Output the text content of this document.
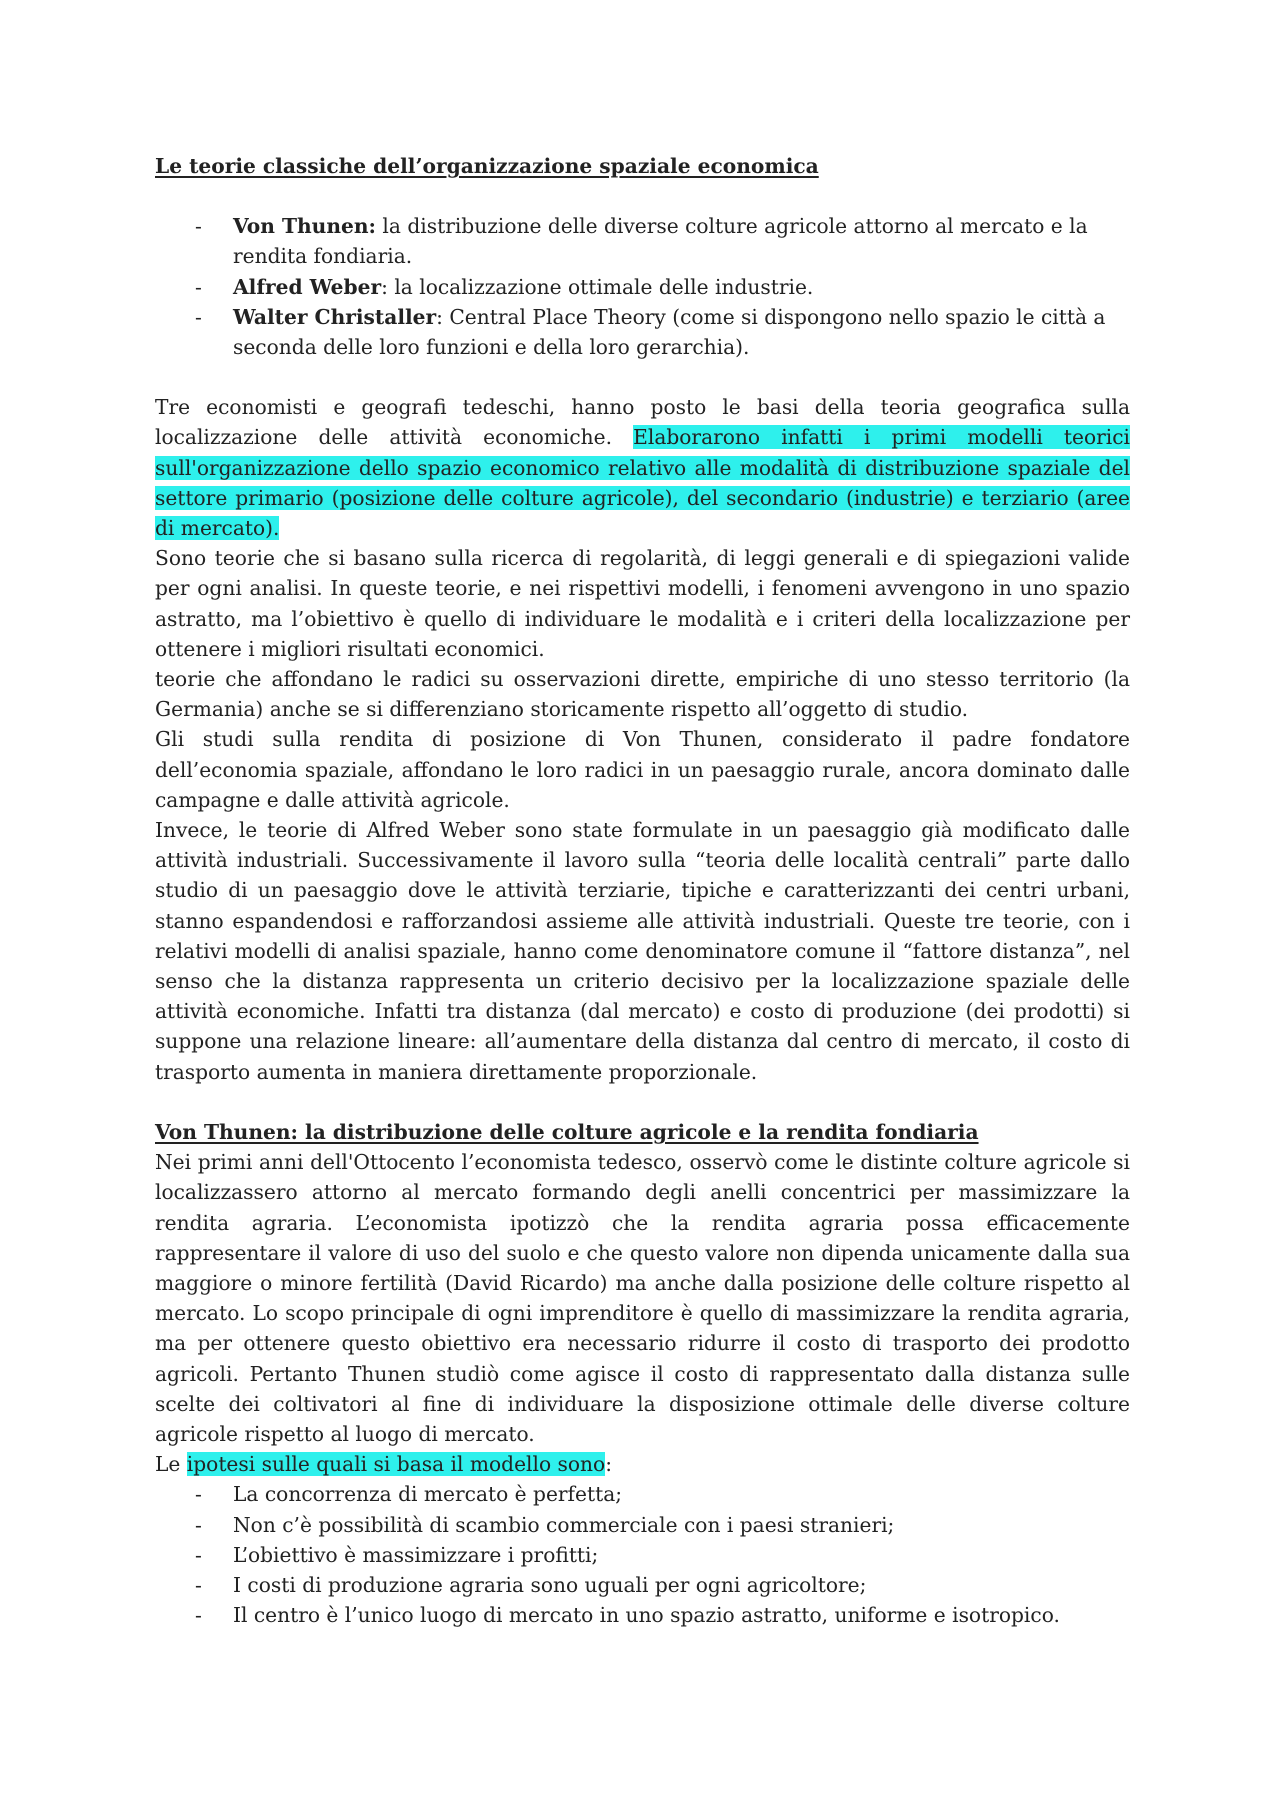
Le teorie classiche dell’organizzazione spaziale economica
- Von Thunen: la distribuzione delle diverse colture agricole attorno al mercato e la rendita fondiaria.
- Alfred Weber: la localizzazione ottimale delle industrie.
- Walter Christaller: Central Place Theory (come si dispongono nello spazio le città a seconda delle loro funzioni e della loro gerarchia).

Tre economisti e geografi tedeschi, hanno posto le basi della teoria geografica sulla localizzazione delle attività economiche. Elaborarono infatti i primi modelli teorici sull'organizzazione dello spazio economico relativo alle modalità di distribuzione spaziale del settore primario (posizione delle colture agricole), del secondario (industrie) e terziario (aree di mercato).

Sono teorie che si basano sulla ricerca di regolarità, di leggi generali e di spiegazioni valide per ogni analisi. In queste teorie, e nei rispettivi modelli, i fenomeni avvengono in uno spazio astratto, ma l’obiettivo è quello di individuare le modalità e i criteri della localizzazione per ottenere i migliori risultati economici.

teorie che affondano le radici su osservazioni dirette, empiriche di uno stesso territorio (la Germania) anche se si differenziano storicamente rispetto all’oggetto di studio.

Gli studi sulla rendita di posizione di Von Thunen, considerato il padre fondatore dell’economia spaziale, affondano le loro radici in un paesaggio rurale, ancora dominato dalle campagne e dalle attività agricole.

Invece, le teorie di Alfred Weber sono state formulate in un paesaggio già modificato dalle attività industriali. Successivamente il lavoro sulla “teoria delle località centrali” parte dallo studio di un paesaggio dove le attività terziarie, tipiche e caratterizzanti dei centri urbani, stanno espandendosi e rafforzandosi assieme alle attività industriali. Queste tre teorie, con i relativi modelli di analisi spaziale, hanno come denominatore comune il “fattore distanza”, nel senso che la distanza rappresenta un criterio decisivo per la localizzazione spaziale delle attività economiche. Infatti tra distanza (dal mercato) e costo di produzione (dei prodotti) si suppone una relazione lineare: all’aumentare della distanza dal centro di mercato, il costo di trasporto aumenta in maniera direttamente proporzionale.

Von Thunen: la distribuzione delle colture agricole e la rendita fondiaria

Nei primi anni dell'Ottocento l’economista tedesco, osservò come le distinte colture agricole si localizzassero attorno al mercato formando degli anelli concentrici per massimizzare la rendita agraria. L’economista ipotizzò che la rendita agraria possa efficacemente rappresentare il valore di uso del suolo e che questo valore non dipenda unicamente dalla sua maggiore o minore fertilità (David Ricardo) ma anche dalla posizione delle colture rispetto al mercato. Lo scopo principale di ogni imprenditore è quello di massimizzare la rendita agraria, ma per ottenere questo obiettivo era necessario ridurre il costo di trasporto dei prodotto agricoli. Pertanto Thunen studiò come agisce il costo di rappresentato dalla distanza sulle scelte dei coltivatori al fine di individuare la disposizione ottimale delle diverse colture agricole rispetto al luogo di mercato.

Le ipotesi sulle quali si basa il modello sono:

- La concorrenza di mercato è perfetta;
- Non c’è possibilità di scambio commerciale con i paesi stranieri;
- L’obiettivo è massimizzare i profitti;
- I costi di produzione agraria sono uguali per ogni agricoltore;
- Il centro è l’unico luogo di mercato in uno spazio astratto, uniforme e isotropico.
